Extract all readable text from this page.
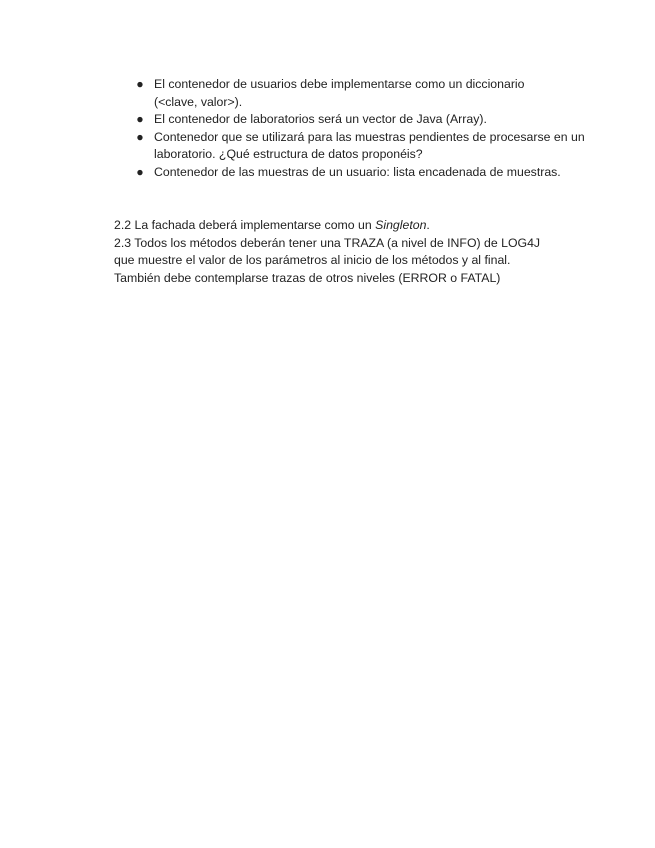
● El contenedor de usuarios debe implementarse como un diccionario
(<clave, valor>).
● El contenedor de laboratorios será un vector de Java (Array).
● Contenedor que se utilizará para las muestras pendientes de procesarse en un laboratorio. ¿Qué estructura de datos proponéis?
● Contenedor de las muestras de un usuario: lista encadenada de muestras.

2.2 La fachada deberá implementarse como un Singleton.

2.3 Todos los métodos deberán tener una TRAZA (a nivel de INFO) de LOG4J
que muestre el valor de los parámetros al inicio de los métodos y al final.
También debe contemplarse trazas de otros niveles (ERROR o FATAL)
